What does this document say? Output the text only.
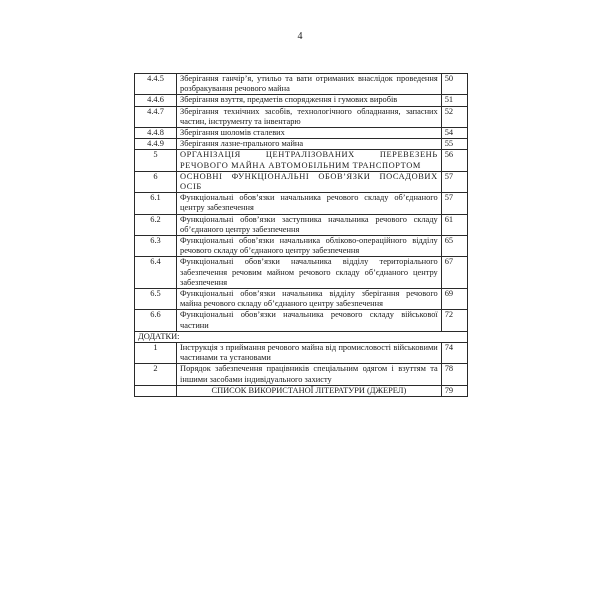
4
4.4.5	Зберігання ганчір’я, утильо та вати отриманих внаслідок проведення розбракування речового майна	50
4.4.6	Зберігання взуття, предметів спорядження і гумових виробів	51
4.4.7	Зберігання технічних засобів, технологічного обладнання, запасних частин, інструменту та інвентарю	52
4.4.8	Зберігання шоломів сталевих	54
4.4.9	Зберігання лазне-прального майна	55
5	ОРГАНІЗАЦІЯ ЦЕНТРАЛІЗОВАНИХ ПЕРЕВЕЗЕНЬ РЕЧОВОГО МАЙНА АВТОМОБІЛЬНИМ ТРАНСПОРТОМ	56
6	ОСНОВНІ ФУНКЦІОНАЛЬНІ ОБОВ’ЯЗКИ ПОСАДОВИХ ОСІБ	57
6.1	Функціональні обов’язки начальника речового складу об’єднаного центру забезпечення	57
6.2	Функціональні обов’язки заступника начальника речового складу об’єднаного центру забезпечення	61
6.3	Функціональні обов’язки начальника обліково-операційного відділу речового складу об’єднаного центру забезпечення	65
6.4	Функціональні обов’язки начальника відділу територіального забезпечення речовим майном речового складу об’єднаного центру забезпечення	67
6.5	Функціональні обов’язки начальника відділу зберігання речового майна речового складу об’єднаного центру забезпечення	69
6.6	Функціональні обов’язки начальника речового складу військової частини	72
ДОДАТКИ:		
1	Інструкція з приймання речового майна від промисловості військовими частинами та установами	74
2	Порядок забезпечення працівників спеціальним одягом і взуттям та іншими засобами індивідуального захисту	78
	СПИСОК ВИКОРИСТАНОЇ ЛІТЕРАТУРИ (ДЖЕРЕЛ)	79
